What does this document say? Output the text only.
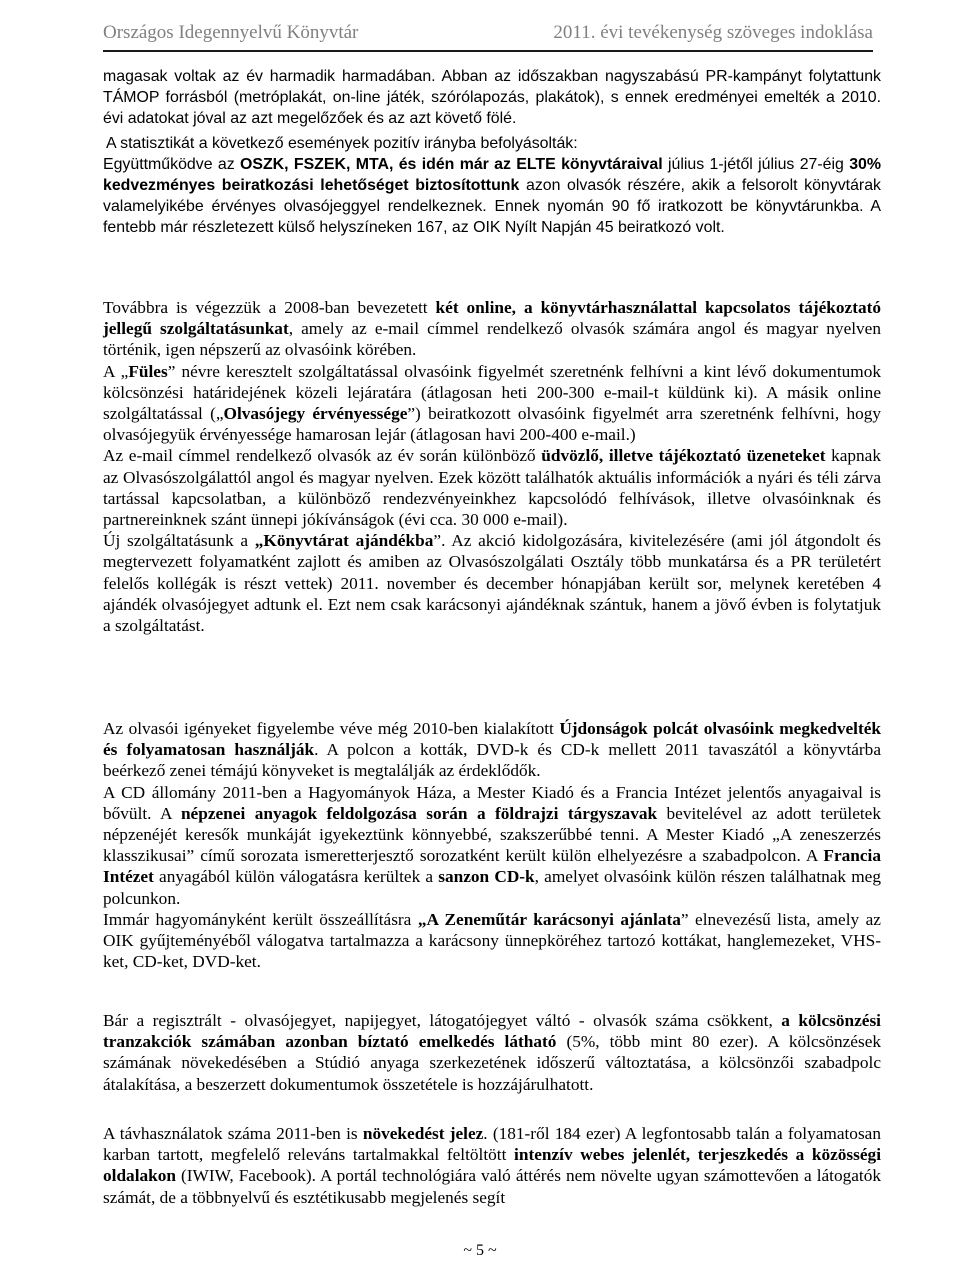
Országos Idegennyelvű Könyvtár	2011. évi tevékenység szöveges indoklása

magasak voltak az év harmadik harmadában. Abban az időszakban nagyszabású PR-kampányt folytattunk TÁMOP forrásból (metróplakát, on-line játék, szórólapozás, plakátok), s ennek eredményei emelték a 2010. évi adatokat jóval az azt megelőzőek és az azt követő fölé.

A statisztikát a következő események pozitív irányba befolyásolták:
Együttműködve az OSZK, FSZEK, MTA, és idén már az ELTE könyvtáraival július 1-jétől július 27-éig 30% kedvezményes beiratkozási lehetőséget biztosítottunk azon olvasók részére, akik a felsorolt könyvtárak valamelyikébe érvényes olvasójeggyel rendelkeznek. Ennek nyomán 90 fő iratkozott be könyvtárunkba. A fentebb már részletezett külső helyszíneken 167, az OIK Nyílt Napján 45 beiratkozó volt.

Továbbra is végezzük a 2008-ban bevezetett két online, a könyvtárhasználattal kapcsolatos tájékoztató jellegű szolgáltatásunkat, amely az e-mail címmel rendelkező olvasók számára angol és magyar nyelven történik, igen népszerű az olvasóink körében.

A „Füles” névre keresztelt szolgáltatással olvasóink figyelmét szeretnénk felhívni a kint lévő dokumentumok kölcsönzési határidejének közeli lejáratára (átlagosan heti 200-300 e-mail-t küldünk ki). A másik online szolgáltatással („Olvasójegy érvényessége”) beiratkozott olvasóink figyelmét arra szeretnénk felhívni, hogy olvasójegyük érvényessége hamarosan lejár (átlagosan havi 200-400 e-mail.)

Az e-mail címmel rendelkező olvasók az év során különböző üdvözlő, illetve tájékoztató üzeneteket kapnak az Olvasószolgálattól angol és magyar nyelven. Ezek között találhatók aktuális információk a nyári és téli zárva tartással kapcsolatban, a különböző rendezvényeinkhez kapcsolódó felhívások, illetve olvasóinknak és partnereinknek szánt ünnepi jókívánságok (évi cca. 30 000 e-mail).

Új szolgáltatásunk a „Könyvtárat ajándékba”. Az akció kidolgozására, kivitelezésére (ami jól átgondolt és megtervezett folyamatként zajlott és amiben az Olvasószolgálati Osztály több munkatársa és a PR területért felelős kollégák is részt vettek) 2011. november és december hónapjában került sor, melynek keretében 4 ajándék olvasójegyet adtunk el. Ezt nem csak karácsonyi ajándéknak szántuk, hanem a jövő évben is folytatjuk a szolgáltatást.

Az olvasói igényeket figyelembe véve még 2010-ben kialakított Újdonságok polcát olvasóink megkedvelték és folyamatosan használják. A polcon a kották, DVD-k és CD-k mellett 2011 tavaszától a könyvtárba beérkező zenei témájú könyveket is megtalálják az érdeklődők.

A CD állomány 2011-ben a Hagyományok Háza, a Mester Kiadó és a Francia Intézet jelentős anyagaival is bővült. A népzenei anyagok feldolgozása során a földrajzi tárgyszavak bevitelével az adott területek népzenéjét keresők munkáját igyekeztünk könnyebbé, szakszerűbbé tenni. A Mester Kiadó „A zeneszerzés klasszikusai” című sorozata ismeretterjesztő sorozatként került külön elhelyezésre a szabadpolcon. A Francia Intézet anyagából külön válogatásra kerültek a sanzon CD-k, amelyet olvasóink külön részen találhatnak meg polcunkon.

Immár hagyományként került összeállításra „A Zeneműtár karácsonyi ajánlata” elnevezésű lista, amely az OIK gyűjteményéből válogatva tartalmazza a karácsony ünnepköréhez tartozó kottákat, hanglemezeket, VHS-ket, CD-ket, DVD-ket.

Bár a regisztrált - olvasójegyet, napijegyet, látogatójegyet váltó - olvasók száma csökkent, a kölcsönzési tranzakciók számában azonban bíztató emelkedés látható (5%, több mint 80 ezer). A kölcsönzések számának növekedésében a Stúdió anyaga szerkezetének időszerű változtatása, a kölcsönzői szabadpolc átalakítása, a beszerzett dokumentumok összetétele is hozzájárulhatott.

A távhasználatok száma 2011-ben is növekedést jelez. (181-ről 184 ezer) A legfontosabb talán a folyamatosan karban tartott, megfelelő releváns tartalmakkal feltöltött intenzív webes jelenlét, terjeszkedés a közösségi oldalakon (IWIW, Facebook). A portál technológiára való áttérés nem növelte ugyan számottevően a látogatók számát, de a többnyelvű és esztétikusabb megjelenés segít

~ 5 ~
